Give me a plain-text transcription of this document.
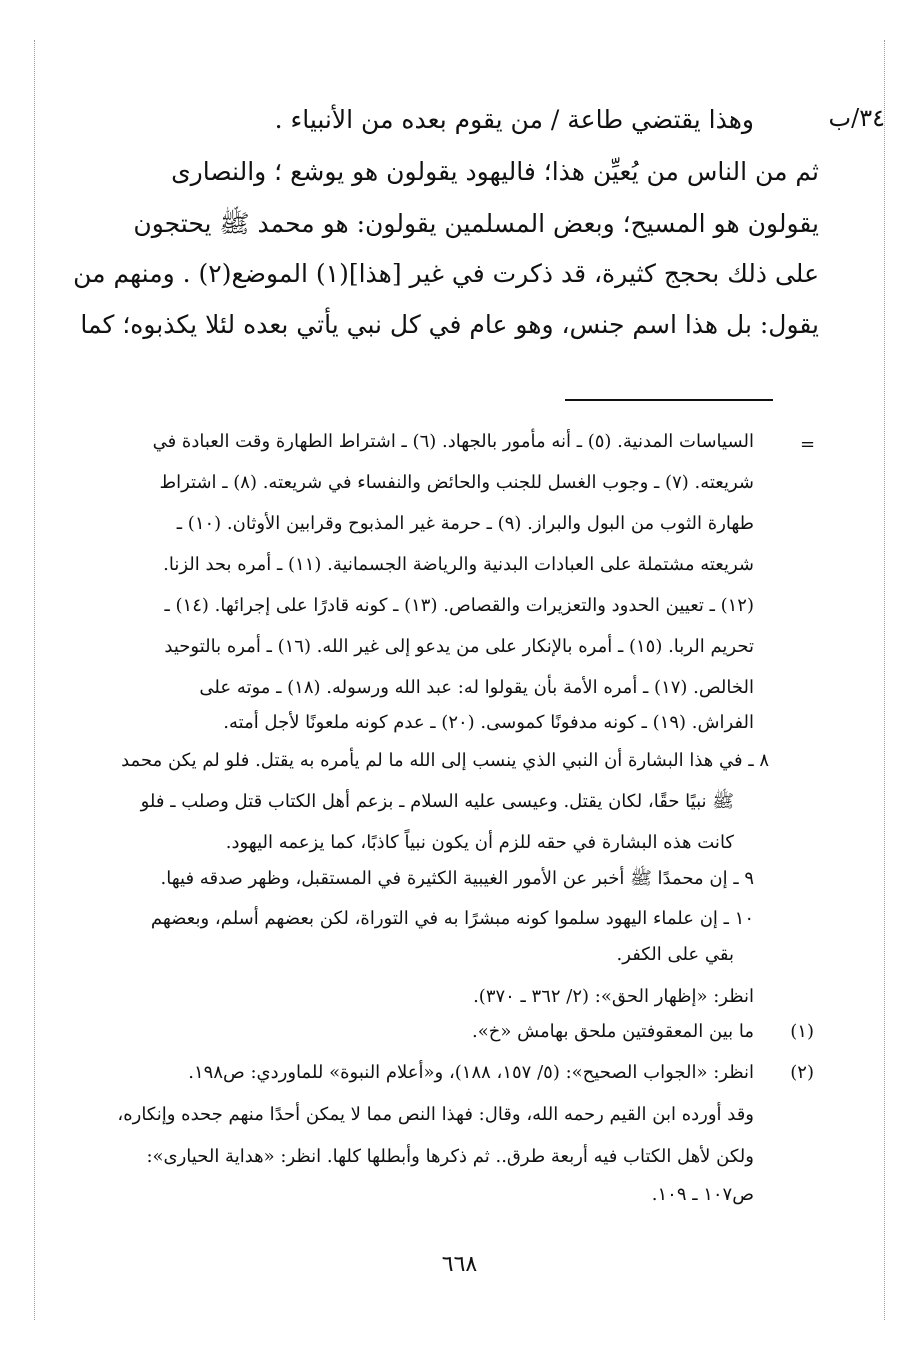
٣٤/ب

وهذا يقتضي طاعة / من يقوم بعده من الأنبياء .

ثم من الناس من يُعيِّن هذا؛ فاليهود يقولون هو يوشع ؛ والنصارى

يقولون هو المسيح؛ وبعض المسلمين يقولون: هو محمد ﷺ يحتجون

على ذلك بحجج كثيرة، قد ذكرت في غير [هذا](١) الموضع(٢) . ومنهم من

يقول: بل هذا اسم جنس، وهو عام في كل نبي يأتي بعده لئلا يكذبوه؛ كما

=

السياسات المدنية. (٥) ـ أنه مأمور بالجهاد. (٦) ـ اشتراط الطهارة وقت العبادة في

شريعته. (٧) ـ وجوب الغسل للجنب والحائض والنفساء في شريعته. (٨) ـ اشتراط

طهارة الثوب من البول والبراز. (٩) ـ حرمة غير المذبوح وقرابين الأوثان. (١٠) ـ

شريعته مشتملة على العبادات البدنية والرياضة الجسمانية. (١١) ـ أمره بحد الزنا.

(١٢) ـ تعيين الحدود والتعزيرات والقصاص. (١٣) ـ كونه قادرًا على إجرائها. (١٤) ـ

تحريم الربا. (١٥) ـ أمره بالإنكار على من يدعو إلى غير الله. (١٦) ـ أمره بالتوحيد

الخالص. (١٧) ـ أمره الأمة بأن يقولوا له: عبد الله ورسوله. (١٨) ـ موته على

الفراش. (١٩) ـ كونه مدفونًا كموسى. (٢٠) ـ عدم كونه ملعونًا لأجل أمته.

٨ ـ في هذا البشارة أن النبي الذي ينسب إلى الله ما لم يأمره به يقتل. فلو لم يكن محمد

ﷺ نبيًا حقًا، لكان يقتل. وعيسى عليه السلام ـ بزعم أهل الكتاب قتل وصلب ـ فلو

كانت هذه البشارة في حقه للزم أن يكون نبياً كاذبًا، كما يزعمه اليهود.

٩ ـ إن محمدًا ﷺ أخبر عن الأمور الغيبية الكثيرة في المستقبل، وظهر صدقه فيها.

١٠ ـ إن علماء اليهود سلموا كونه مبشرًا به في التوراة، لكن بعضهم أسلم، وبعضهم

بقي على الكفر.

انظر: «إظهار الحق»: (٢/ ٣٦٢ ـ ٣٧٠).

(١)

ما بين المعقوفتين ملحق بهامش «خ».

(٢)

انظر: «الجواب الصحيح»: (٥/ ١٥٧، ١٨٨)، و«أعلام النبوة» للماوردي: ص١٩٨.

وقد أورده ابن القيم رحمه الله، وقال: فهذا النص مما لا يمكن أحدًا منهم جحده وإنكاره،

ولكن لأهل الكتاب فيه أربعة طرق.. ثم ذكرها وأبطلها كلها. انظر: «هداية الحيارى»:

ص١٠٧ ـ ١٠٩.

٦٦٨
